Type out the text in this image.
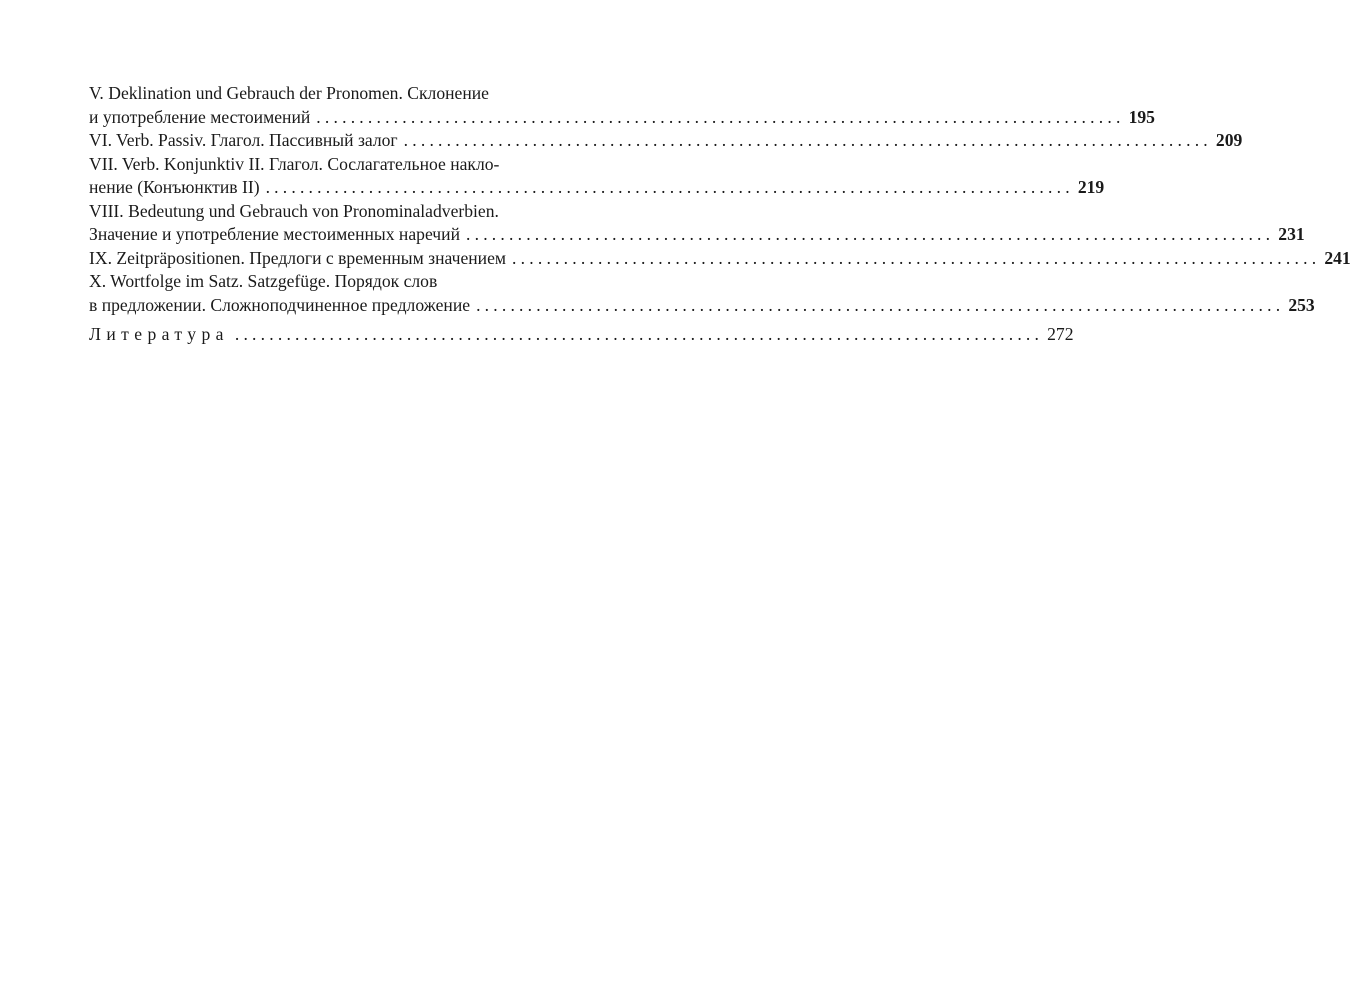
V. Deklination und Gebrauch der Pronomen. Склонение
и употребление местоимений .............................................................................................. 195
VI. Verb. Passiv. Глагол. Пассивный залог .............................................................................................. 209
VII. Verb. Konjunktiv II. Глагол. Сослагательное накло-
нение (Конъюнктив II) .............................................................................................. 219
VIII. Bedeutung und Gebrauch von Pronominaladverbien.
Значение и употребление местоименных наречий .............................................................................................. 231
IX. Zeitpräpositionen. Предлоги с временным значением .............................................................................................. 241
X. Wortfolge im Satz. Satzgefüge. Порядок слов
в предложении. Сложноподчиненное предложение .............................................................................................. 253
Литература .............................................................................................. 272
